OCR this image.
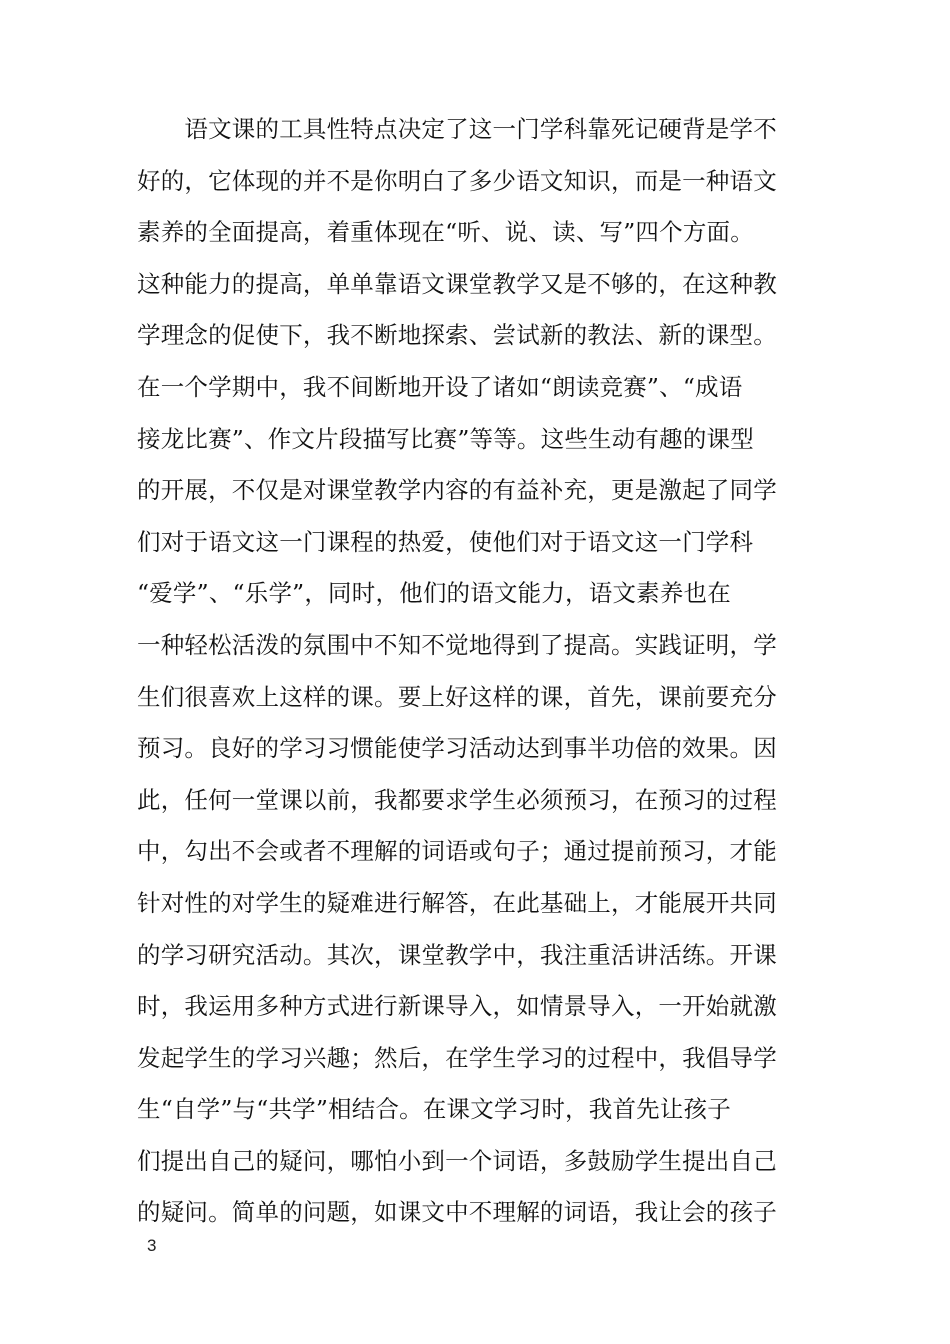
　　语文课的工具性特点决定了这一门学科靠死记硬背是学不
好的，它体现的并不是你明白了多少语文知识，而是一种语文
素养的全面提高，着重体现在“听、说、读、写”四个方面。
这种能力的提高，单单靠语文课堂教学又是不够的，在这种教
学理念的促使下，我不断地探索、尝试新的教法、新的课型。
在一个学期中，我不间断地开设了诸如“朗读竞赛”、“成语
接龙比赛”、作文片段描写比赛”等等。这些生动有趣的课型
的开展，不仅是对课堂教学内容的有益补充，更是激起了同学
们对于语文这一门课程的热爱，使他们对于语文这一门学科
“爱学”、“乐学”，同时，他们的语文能力，语文素养也在
一种轻松活泼的氛围中不知不觉地得到了提高。实践证明，学
生们很喜欢上这样的课。要上好这样的课，首先，课前要充分
预习。良好的学习习惯能使学习活动达到事半功倍的效果。因
此，任何一堂课以前，我都要求学生必须预习，在预习的过程
中，勾出不会或者不理解的词语或句子；通过提前预习，才能
针对性的对学生的疑难进行解答，在此基础上，才能展开共同
的学习研究活动。其次，课堂教学中，我注重活讲活练。开课
时，我运用多种方式进行新课导入，如情景导入，一开始就激
发起学生的学习兴趣；然后，在学生学习的过程中，我倡导学
生“自学”与“共学”相结合。在课文学习时，我首先让孩子
们提出自己的疑问，哪怕小到一个词语，多鼓励学生提出自己
的疑问。简单的问题，如课文中不理解的词语，我让会的孩子
3
